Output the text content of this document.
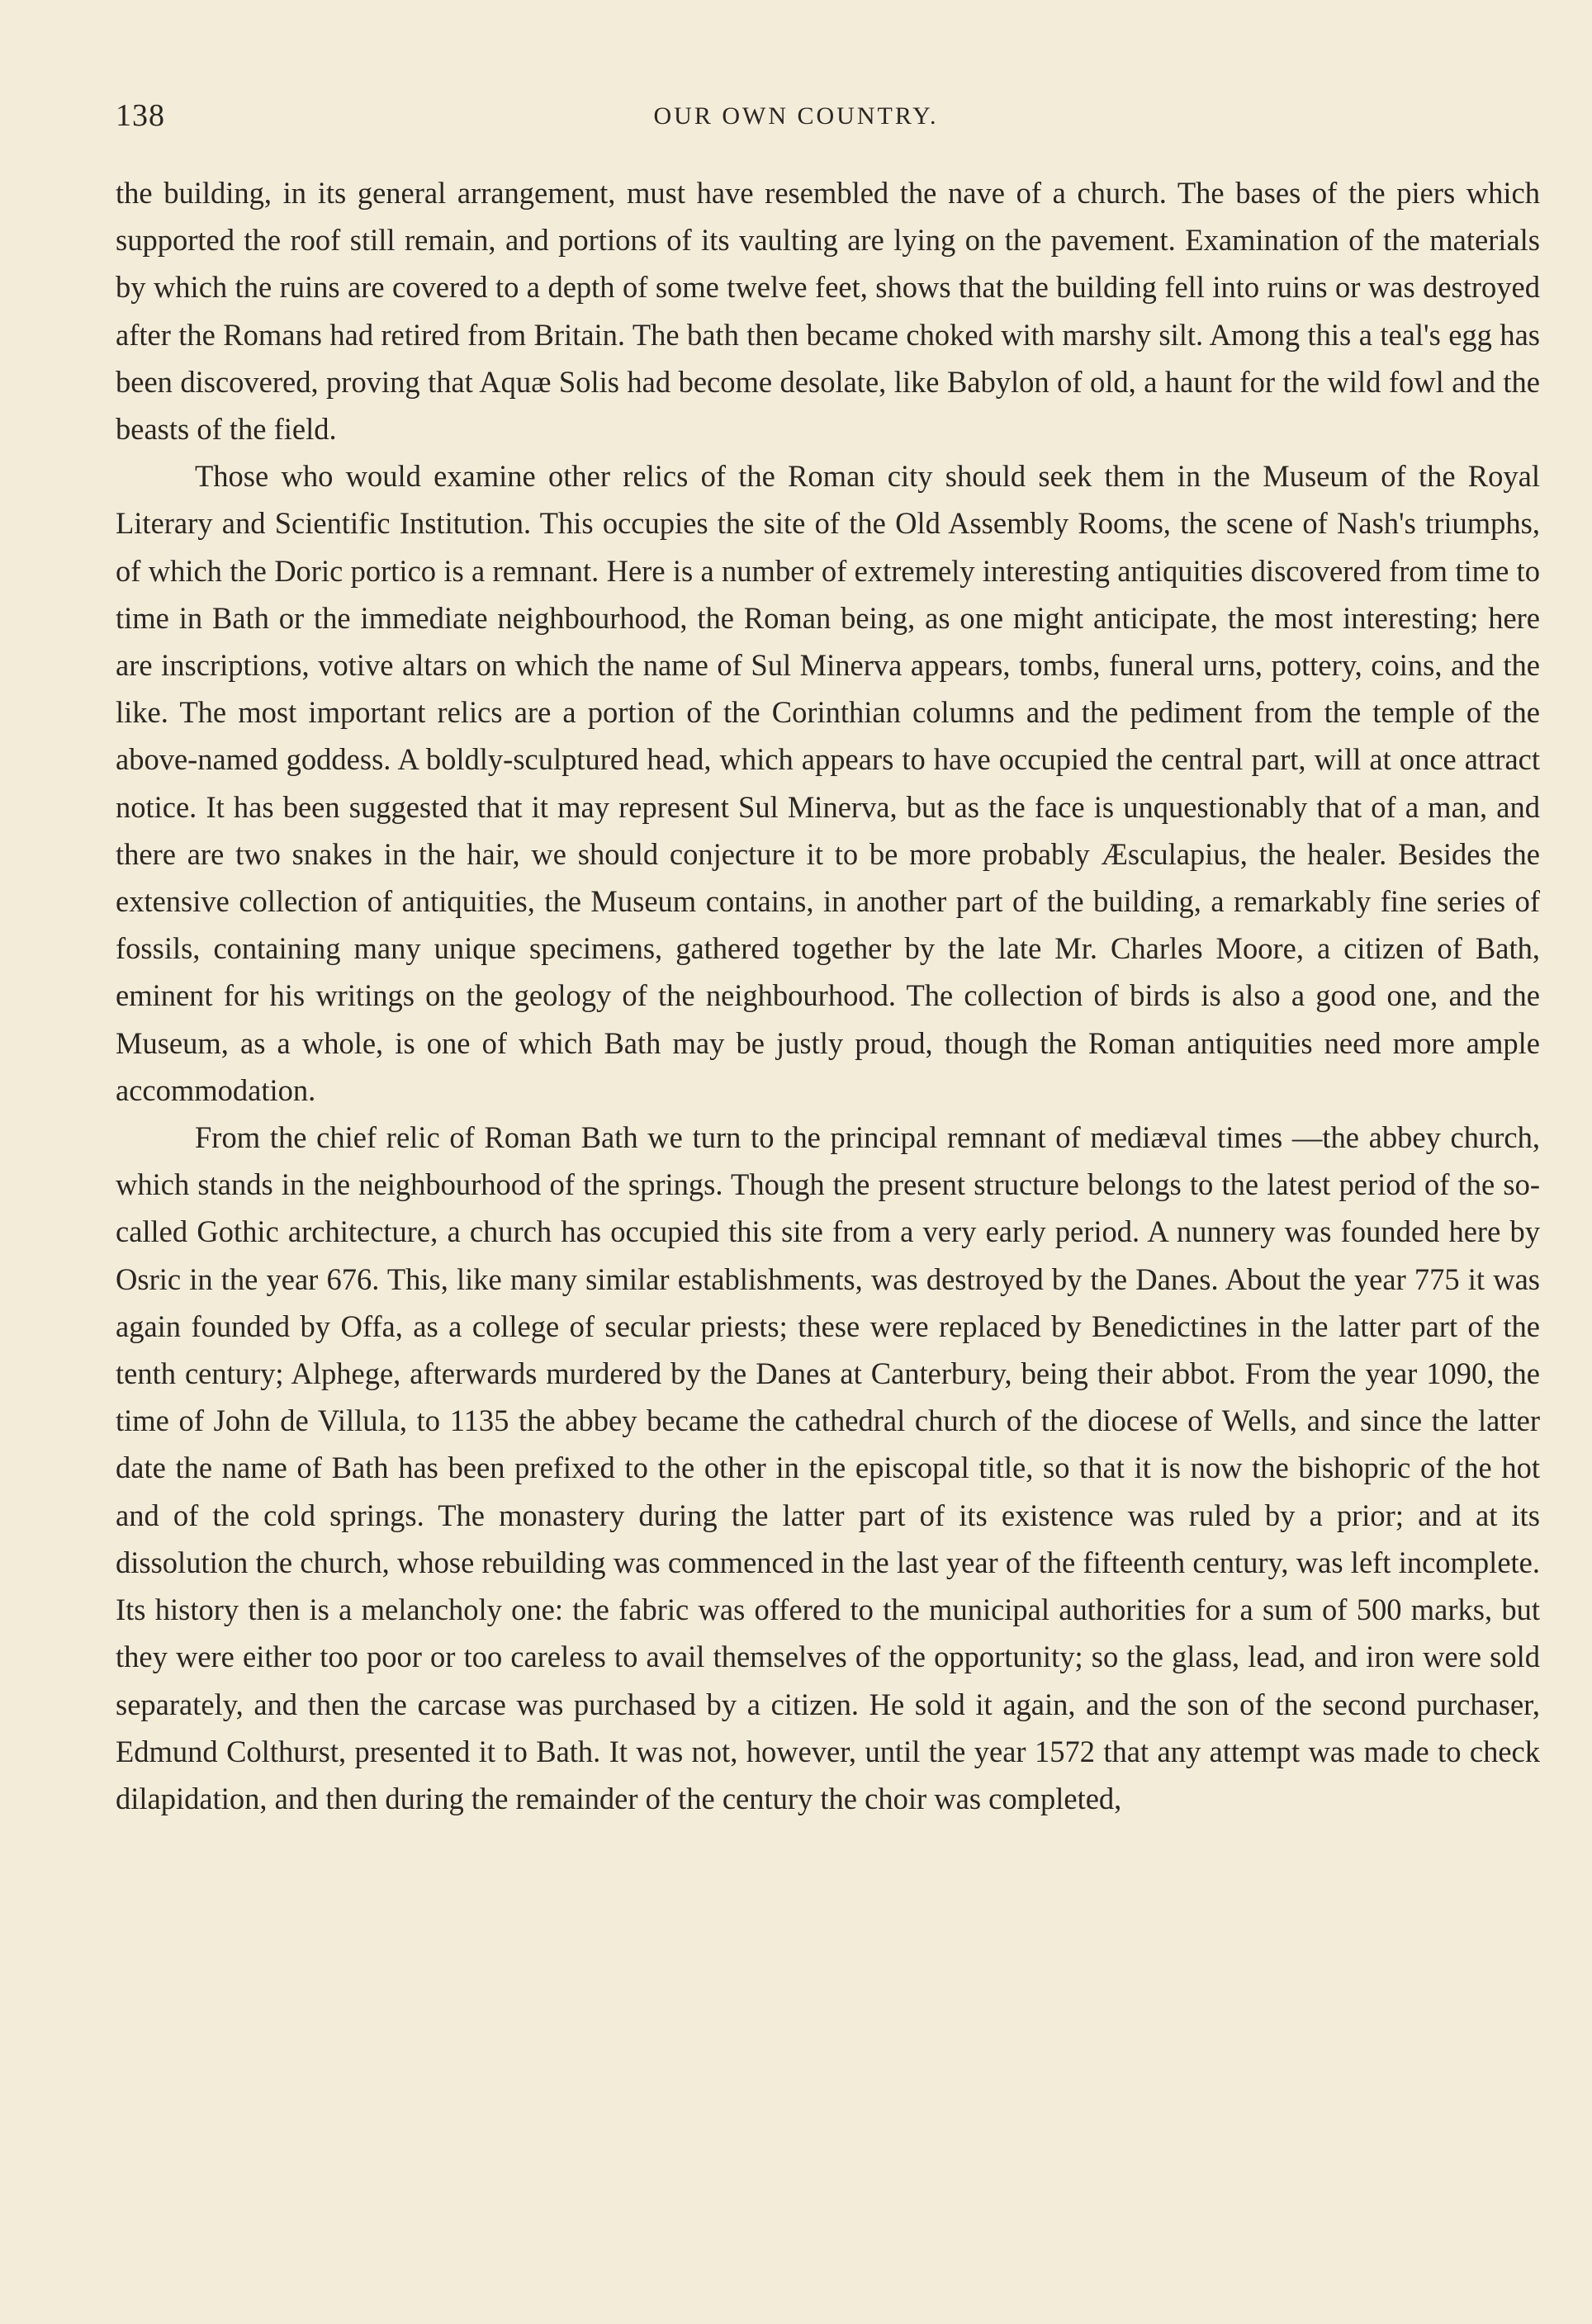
138	OUR OWN COUNTRY.

the building, in its general arrangement, must have resembled the nave of a church. The bases of the piers which supported the roof still remain, and portions of its vaulting are lying on the pavement. Examination of the materials by which the ruins are covered to a depth of some twelve feet, shows that the building fell into ruins or was destroyed after the Romans had retired from Britain. The bath then became choked with marshy silt. Among this a teal's egg has been discovered, proving that Aquæ Solis had become desolate, like Babylon of old, a haunt for the wild fowl and the beasts of the field.

Those who would examine other relics of the Roman city should seek them in the Museum of the Royal Literary and Scientific Institution. This occupies the site of the Old Assembly Rooms, the scene of Nash's triumphs, of which the Doric portico is a remnant. Here is a number of extremely interesting antiquities discovered from time to time in Bath or the immediate neighbourhood, the Roman being, as one might anticipate, the most interesting; here are inscriptions, votive altars on which the name of Sul Minerva appears, tombs, funeral urns, pottery, coins, and the like. The most important relics are a portion of the Corinthian columns and the pediment from the temple of the above-named goddess. A boldly-sculptured head, which appears to have occupied the central part, will at once attract notice. It has been suggested that it may represent Sul Minerva, but as the face is unquestionably that of a man, and there are two snakes in the hair, we should conjecture it to be more probably Æsculapius, the healer. Besides the extensive collection of antiquities, the Museum contains, in another part of the building, a remarkably fine series of fossils, containing many unique specimens, gathered together by the late Mr. Charles Moore, a citizen of Bath, eminent for his writings on the geology of the neighbourhood. The collection of birds is also a good one, and the Museum, as a whole, is one of which Bath may be justly proud, though the Roman antiquities need more ample accommodation.

From the chief relic of Roman Bath we turn to the principal remnant of mediæval times —the abbey church, which stands in the neighbourhood of the springs. Though the present structure belongs to the latest period of the so-called Gothic architecture, a church has occupied this site from a very early period. A nunnery was founded here by Osric in the year 676. This, like many similar establishments, was destroyed by the Danes. About the year 775 it was again founded by Offa, as a college of secular priests; these were replaced by Benedictines in the latter part of the tenth century; Alphege, afterwards murdered by the Danes at Canterbury, being their abbot. From the year 1090, the time of John de Villula, to 1135 the abbey became the cathedral church of the diocese of Wells, and since the latter date the name of Bath has been prefixed to the other in the episcopal title, so that it is now the bishopric of the hot and of the cold springs. The monastery during the latter part of its existence was ruled by a prior; and at its dissolution the church, whose rebuilding was commenced in the last year of the fifteenth century, was left incomplete. Its history then is a melancholy one: the fabric was offered to the municipal authorities for a sum of 500 marks, but they were either too poor or too careless to avail themselves of the opportunity; so the glass, lead, and iron were sold separately, and then the carcase was purchased by a citizen. He sold it again, and the son of the second purchaser, Edmund Colthurst, presented it to Bath. It was not, however, until the year 1572 that any attempt was made to check dilapidation, and then during the remainder of the century the choir was completed,
